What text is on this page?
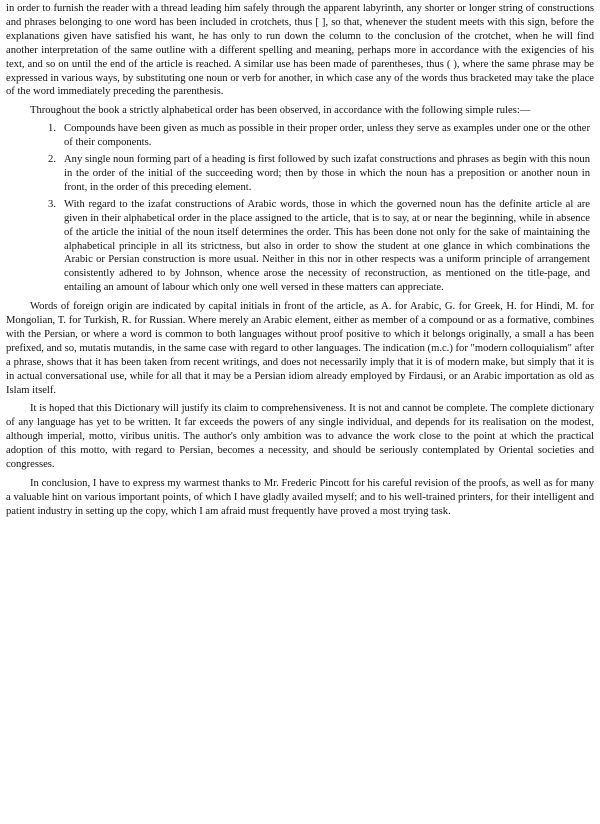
in order to furnish the reader with a thread leading him safely through the apparent labyrinth, any shorter or longer string of constructions and phrases belonging to one word has been included in crotchets, thus [ ], so that, whenever the student meets with this sign, before the explanations given have satisfied his want, he has only to run down the column to the conclusion of the crotchet, when he will find another interpretation of the same outline with a different spelling and meaning, perhaps more in accordance with the exigencies of his text, and so on until the end of the article is reached. A similar use has been made of parentheses, thus ( ), where the same phrase may be expressed in various ways, by substituting one noun or verb for another, in which case any of the words thus bracketed may take the place of the word immediately preceding the parenthesis.

Throughout the book a strictly alphabetical order has been observed, in accordance with the following simple rules:—

1. Compounds have been given as much as possible in their proper order, unless they serve as examples under one or the other of their components.
2. Any single noun forming part of a heading is first followed by such izafat constructions and phrases as begin with this noun in the order of the initial of the succeeding word; then by those in which the noun has a preposition or another noun in front, in the order of this preceding element.
3. With regard to the izafat constructions of Arabic words, those in which the governed noun has the definite article al are given in their alphabetical order in the place assigned to the article, that is to say, at or near the beginning, while in absence of the article the initial of the noun itself determines the order. This has been done not only for the sake of maintaining the alphabetical principle in all its strictness, but also in order to show the student at one glance in which combinations the Arabic or Persian construction is more usual. Neither in this nor in other respects was a uniform principle of arrangement consistently adhered to by Johnson, whence arose the necessity of reconstruction, as mentioned on the title-page, and entailing an amount of labour which only one well versed in these matters can appreciate.

Words of foreign origin are indicated by capital initials in front of the article, as A. for Arabic, G. for Greek, H. for Hindi, M. for Mongolian, T. for Turkish, R. for Russian. Where merely an Arabic element, either as member of a compound or as a formative, combines with the Persian, or where a word is common to both languages without proof positive to which it belongs originally, a small a has been prefixed, and so, mutatis mutandis, in the same case with regard to other languages. The indication (m.c.) for "modern colloquialism" after a phrase, shows that it has been taken from recent writings, and does not necessarily imply that it is of modern make, but simply that it is in actual conversational use, while for all that it may be a Persian idiom already employed by Firdausi, or an Arabic importation as old as Islam itself.

It is hoped that this Dictionary will justify its claim to comprehensiveness. It is not and cannot be complete. The complete dictionary of any language has yet to be written. It far exceeds the powers of any single individual, and depends for its realisation on the modest, although imperial, motto, viribus unitis. The author's only ambition was to advance the work close to the point at which the practical adoption of this motto, with regard to Persian, becomes a necessity, and should be seriously contemplated by Oriental societies and congresses.

In conclusion, I have to express my warmest thanks to Mr. Frederic Pincott for his careful revision of the proofs, as well as for many a valuable hint on various important points, of which I have gladly availed myself; and to his well-trained printers, for their intelligent and patient industry in setting up the copy, which I am afraid must frequently have proved a most trying task.
